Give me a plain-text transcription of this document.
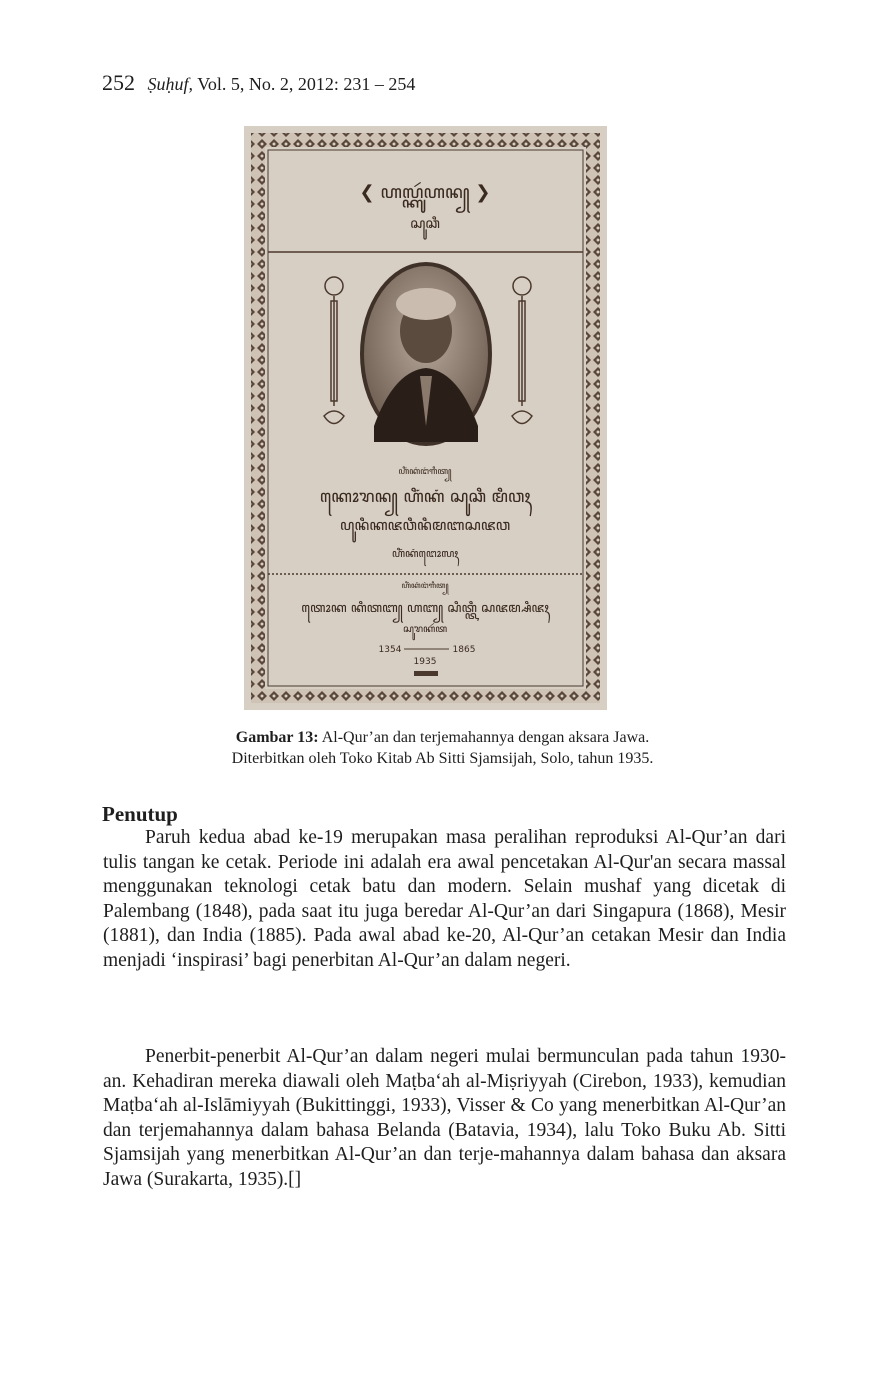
252 Ṣuḥuf, Vol. 5, No. 2, 2012: 231 – 254
❮ ꦲꦭ꧀ꦏꦸꦂꦲꦤ꧀ ❯
ꦱꦸꦕꦶ
ꦲꦶꦁꦏꦁꦔꦁꦒꦶꦠ꧀
ꦏꦺꦴꦫꦤ꧀ ꦲꦶꦁꦏꦁ ꦱꦸꦕꦶ ꦩꦶꦮꦃ
ꦥꦸꦤꦶꦏꦗꦮꦶꦤꦶꦩꦧꦱꦗꦮ
ꦲꦶꦁꦏꦁꦔꦺꦴꦭꦃ
ꦲꦶꦁꦏꦁꦔꦁꦒꦶꦠ꧀
ꦠꦺꦴꦏ ꦏꦶꦠꦧ꧀ ꦲꦧ꧀ ꦱꦶꦠ꧀ꦠꦶ ꦱꦗꦩ꧀ꦱꦶꦗꦃ
ꦱꦸꦫꦏꦂꦠ
1354	1865
1935
Gambar 13: Al-Qur’an dan terjemahannya dengan aksara Jawa.
Diterbitkan oleh Toko Kitab Ab Sitti Sjamsijah, Solo, tahun 1935.
Penutup

Paruh kedua abad ke-19 merupakan masa peralihan reproduksi Al-Qur’an dari tulis tangan ke cetak. Periode ini adalah era awal pencetakan Al-Qur'an secara massal menggunakan teknologi cetak batu dan modern. Selain mushaf yang dicetak di Palembang (1848), pada saat itu juga beredar Al-Qur’an dari Singapura (1868), Mesir (1881), dan India (1885). Pada awal abad ke-20, Al-Qur’an cetakan Mesir dan India menjadi ‘inspirasi’ bagi penerbitan Al-Qur’an dalam negeri.

Penerbit-penerbit Al-Qur’an dalam negeri mulai bermunculan pada tahun 1930-an. Kehadiran mereka diawali oleh Maṭba‘ah al-Miṣriyyah (Cirebon, 1933), kemudian Maṭba‘ah al-Islāmiyyah (Bukittinggi, 1933), Visser & Co yang menerbitkan Al-Qur’an dan terjemahannya dalam bahasa Belanda (Batavia, 1934), lalu Toko Buku Ab. Sitti Sjamsijah yang menerbitkan Al-Qur’an dan terje-mahannya dalam bahasa dan aksara Jawa (Surakarta, 1935).[]
